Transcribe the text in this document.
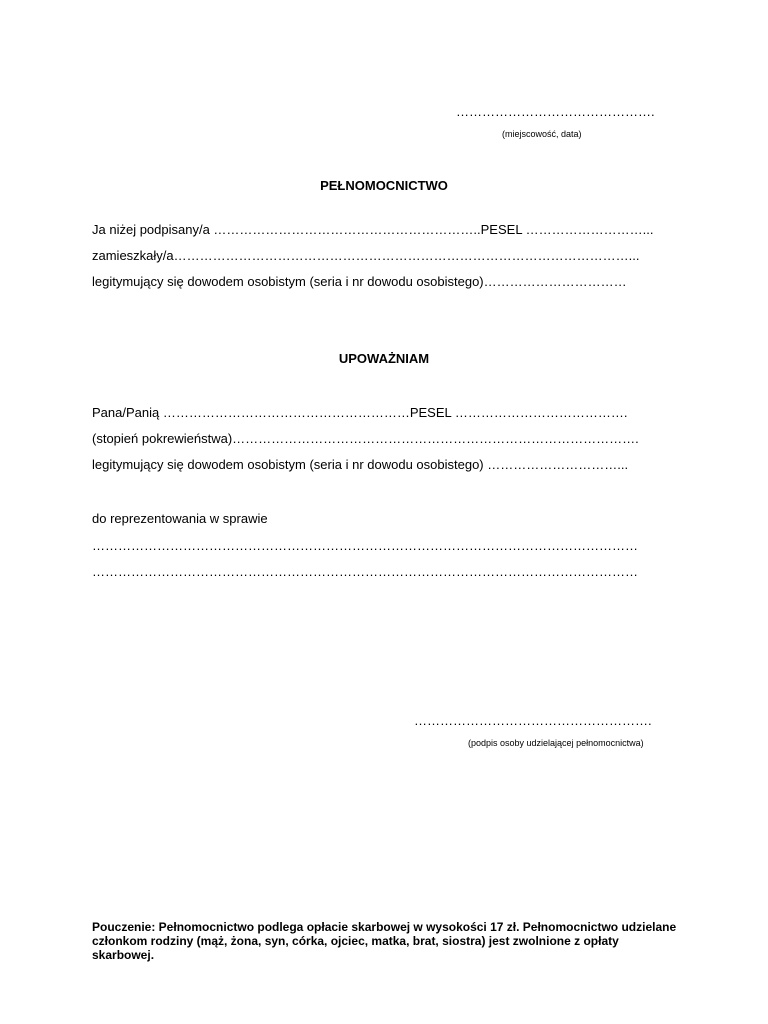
……………………………………….
(miejscowość, data)
PEŁNOMOCNICTWO
Ja niżej podpisany/a ……………………………………………………..PESEL ………………………...
zamieszkały/a……………………………………………………………………………………………...
legitymujący się dowodem osobistym (seria i nr dowodu osobistego)……………………………
UPOWAŻNIAM
Pana/Panią …………………………………………………PESEL ………………………………….
(stopień pokrewieństwa)………………………………………………………………………………….
legitymujący się dowodem osobistym (seria i nr dowodu osobistego) …………………………...
do reprezentowania w sprawie
………………………………………………………………………………………………………………
………………………………………………………………………………………………………………
……………………………………………….
(podpis osoby udzielającej pełnomocnictwa)
Pouczenie: Pełnomocnictwo podlega opłacie skarbowej w wysokości 17 zł. Pełnomocnictwo udzielane członkom rodziny (mąż, żona, syn, córka, ojciec, matka, brat, siostra) jest zwolnione z opłaty skarbowej.
